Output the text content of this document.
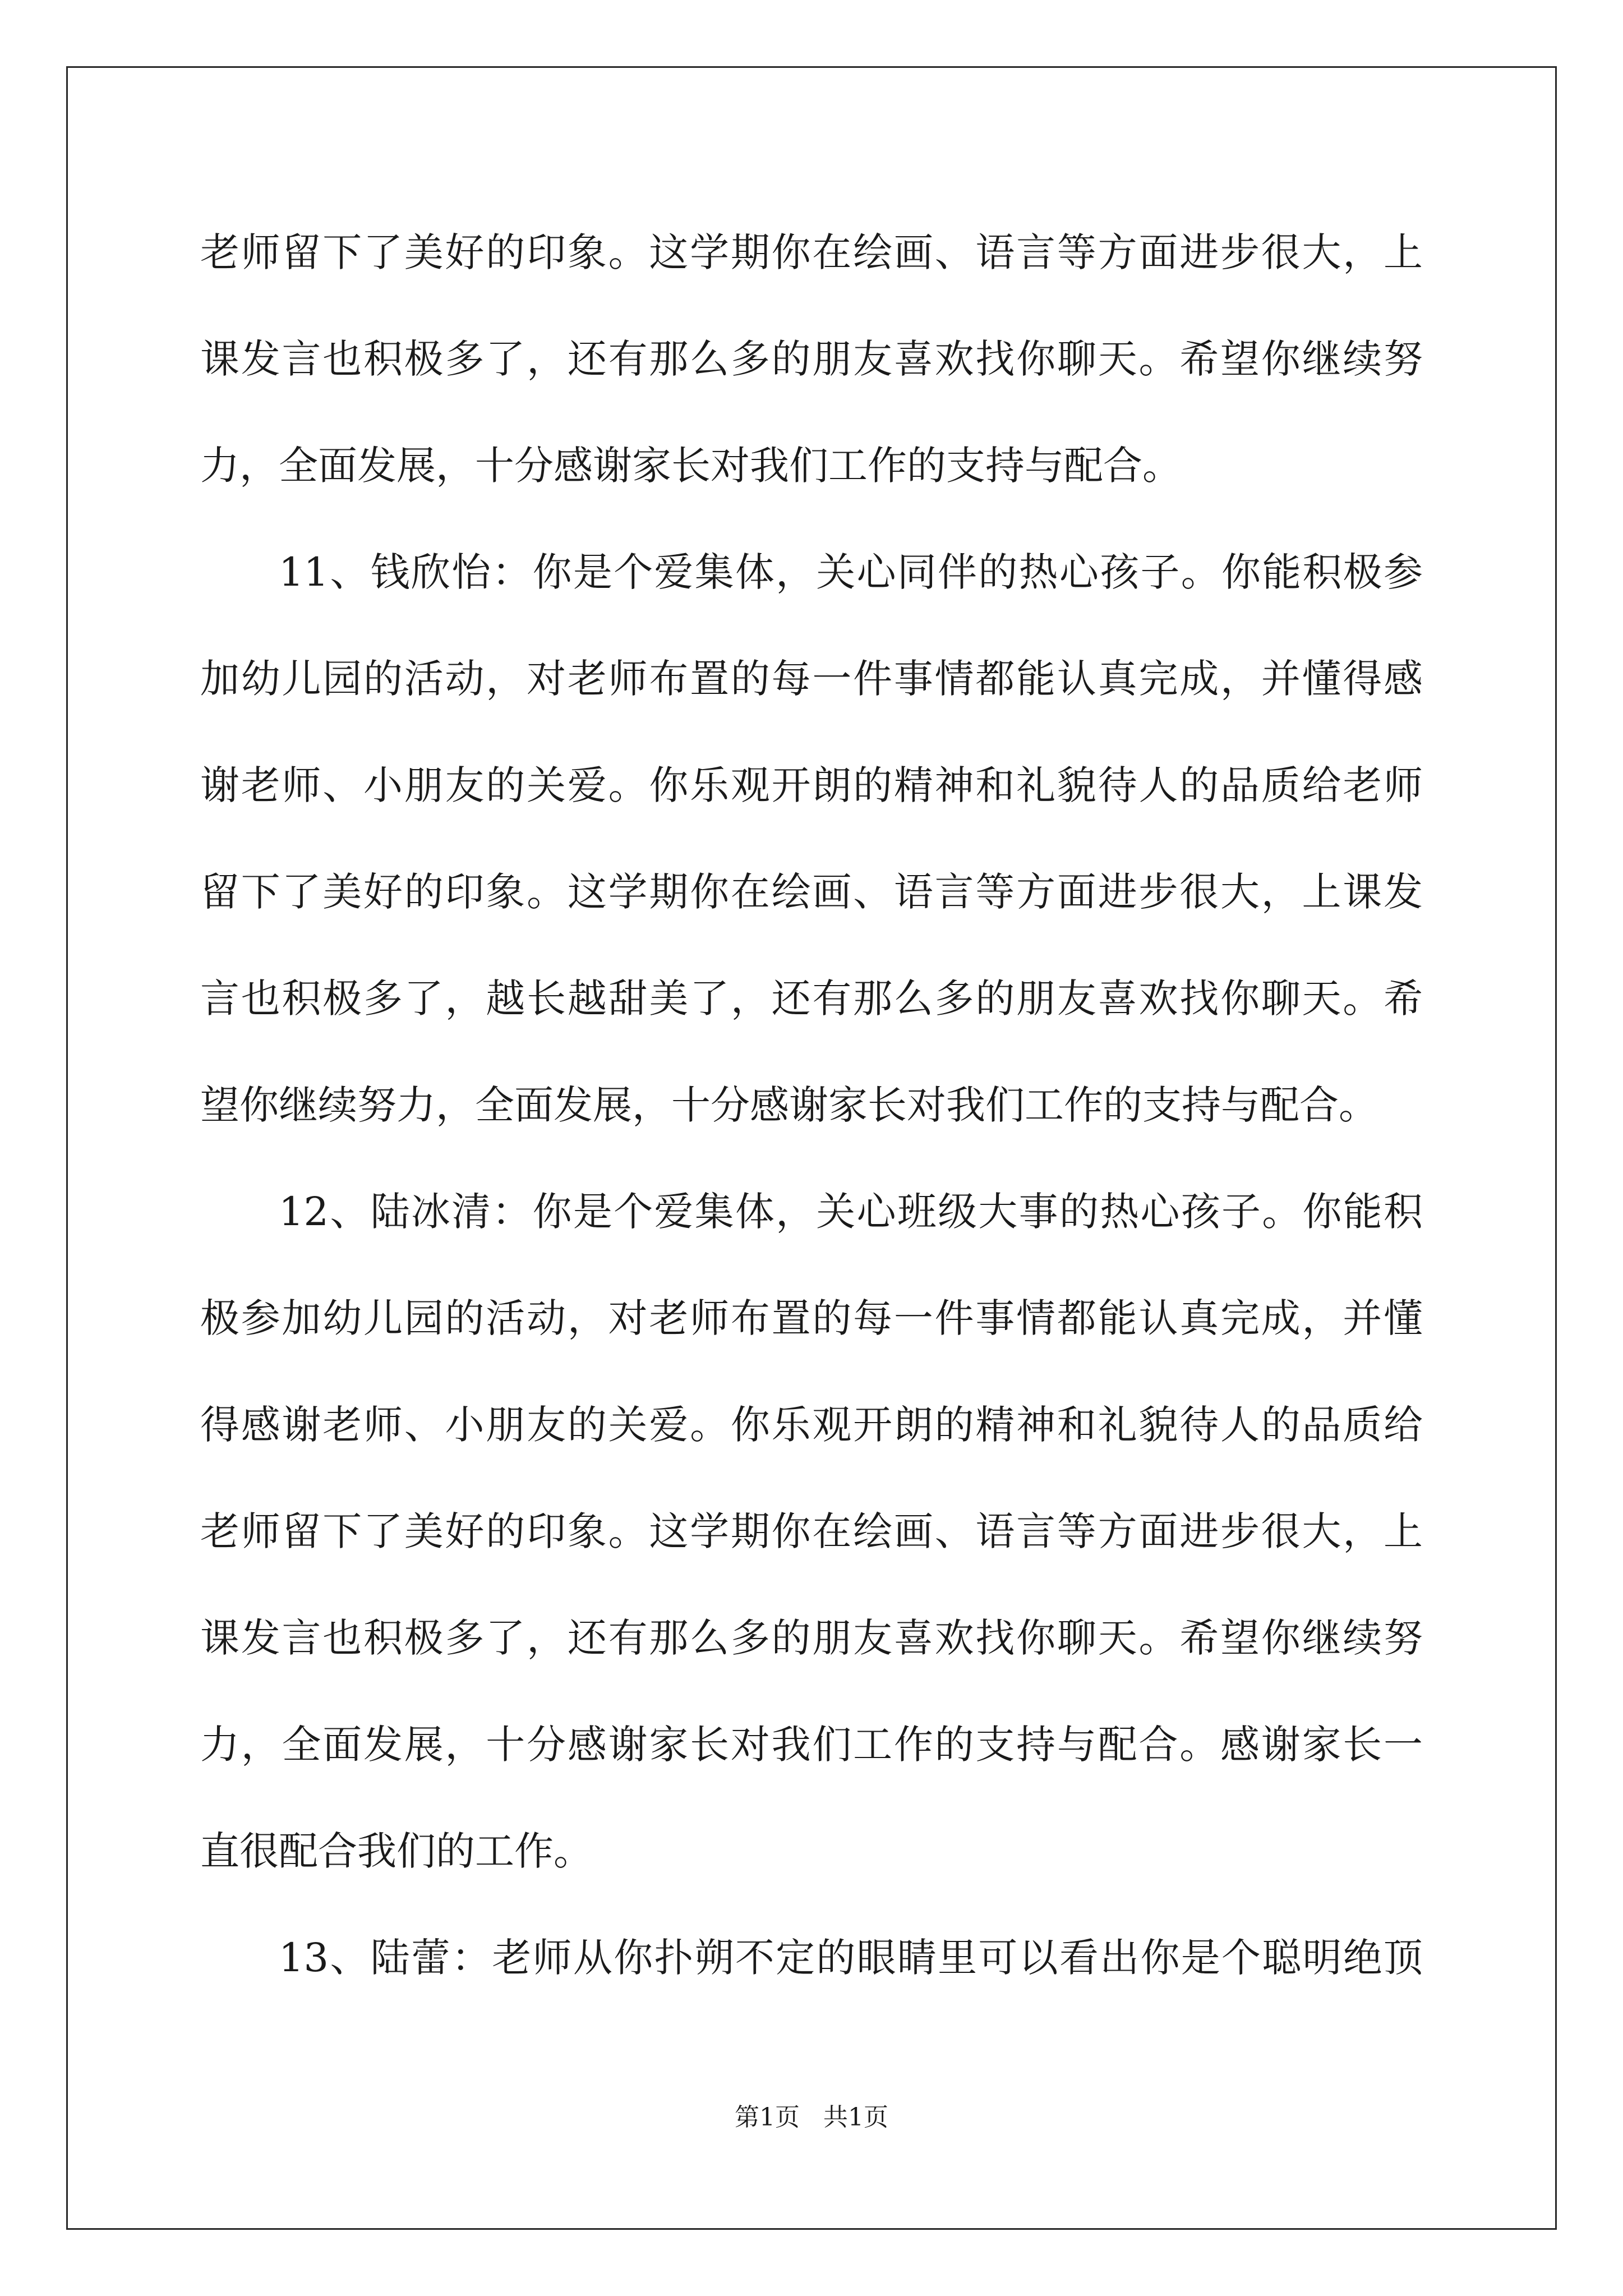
老师留下了美好的印象。这学期你在绘画、语言等方面进步很大，上
课发言也积极多了，还有那么多的朋友喜欢找你聊天。希望你继续努
力，全面发展，十分感谢家长对我们工作的支持与配合。
11、钱欣怡：你是个爱集体，关心同伴的热心孩子。你能积极参
加幼儿园的活动，对老师布置的每一件事情都能认真完成，并懂得感
谢老师、小朋友的关爱。你乐观开朗的精神和礼貌待人的品质给老师
留下了美好的印象。这学期你在绘画、语言等方面进步很大，上课发
言也积极多了，越长越甜美了，还有那么多的朋友喜欢找你聊天。希
望你继续努力，全面发展，十分感谢家长对我们工作的支持与配合。
12、陆冰清：你是个爱集体，关心班级大事的热心孩子。你能积
极参加幼儿园的活动，对老师布置的每一件事情都能认真完成，并懂
得感谢老师、小朋友的关爱。你乐观开朗的精神和礼貌待人的品质给
老师留下了美好的印象。这学期你在绘画、语言等方面进步很大，上
课发言也积极多了，还有那么多的朋友喜欢找你聊天。希望你继续努
力，全面发展，十分感谢家长对我们工作的支持与配合。感谢家长一
直很配合我们的工作。
13、陆蕾：老师从你扑朔不定的眼睛里可以看出你是个聪明绝顶
第1页   共1页
